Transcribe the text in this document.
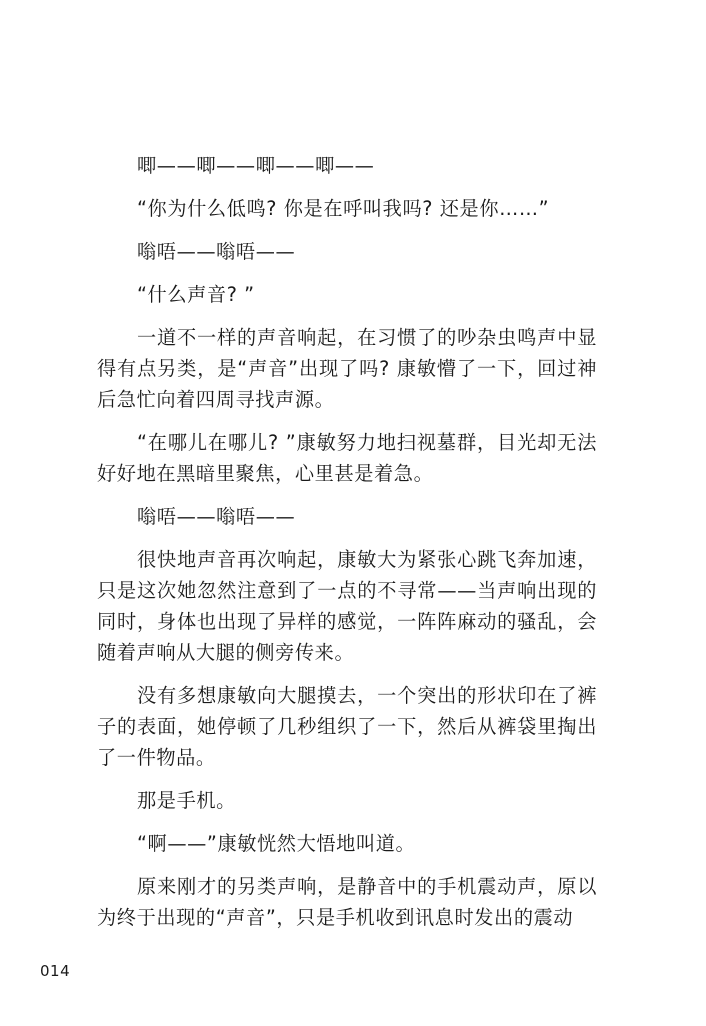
唧——唧——唧——唧——

“你为什么低鸣? 你是在呼叫我吗? 还是你……”

嗡唔——嗡唔——

“什么声音? ”

一道不一样的声音响起，在习惯了的吵杂虫鸣声中显得有点另类，是“声音”出现了吗? 康敏懵了一下，回过神后急忙向着四周寻找声源。

“在哪儿在哪儿? ”康敏努力地扫视墓群，目光却无法好好地在黑暗里聚焦，心里甚是着急。

嗡唔——嗡唔——

很快地声音再次响起，康敏大为紧张心跳飞奔加速，只是这次她忽然注意到了一点的不寻常——当声响出现的同时，身体也出现了异样的感觉，一阵阵麻动的骚乱，会随着声响从大腿的侧旁传来。

没有多想康敏向大腿摸去，一个突出的形状印在了裤子的表面，她停顿了几秒组织了一下，然后从裤袋里掏出了一件物品。

那是手机。

“啊——”康敏恍然大悟地叫道。

原来刚才的另类声响，是静音中的手机震动声，原以为终于出现的“声音”，只是手机收到讯息时发出的震动

014
